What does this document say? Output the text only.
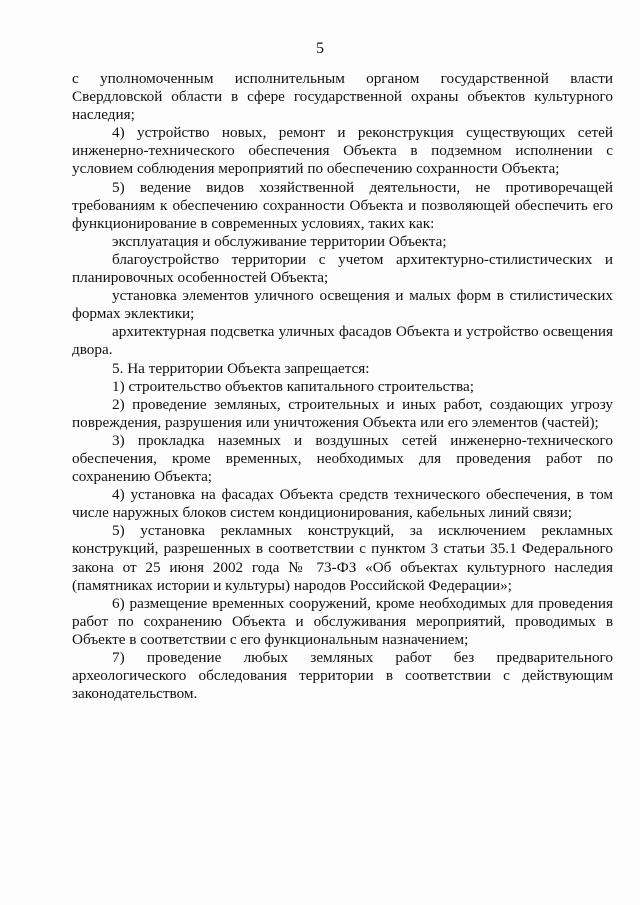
5

с уполномоченным исполнительным органом государственной власти Свердловской области в сфере государственной охраны объектов культурного наследия;

4) устройство новых, ремонт и реконструкция существующих сетей инженерно-технического обеспечения Объекта в подземном исполнении с условием соблюдения мероприятий по обеспечению сохранности Объекта;

5) ведение видов хозяйственной деятельности, не противоречащей требованиям к обеспечению сохранности Объекта и позволяющей обеспечить его функционирование в современных условиях, таких как:

эксплуатация и обслуживание территории Объекта;

благоустройство территории с учетом архитектурно-стилистических и планировочных особенностей Объекта;

установка элементов уличного освещения и малых форм в стилистических формах эклектики;

архитектурная подсветка уличных фасадов Объекта и устройство освещения двора.

5. На территории Объекта запрещается:

1) строительство объектов капитального строительства;

2) проведение земляных, строительных и иных работ, создающих угрозу повреждения, разрушения или уничтожения Объекта или его элементов (частей);

3) прокладка наземных и воздушных сетей инженерно-технического обеспечения, кроме временных, необходимых для проведения работ по сохранению Объекта;

4) установка на фасадах Объекта средств технического обеспечения, в том числе наружных блоков систем кондиционирования, кабельных линий связи;

5) установка рекламных конструкций, за исключением рекламных конструкций, разрешенных в соответствии с пунктом 3 статьи 35.1 Федерального закона от 25 июня 2002 года № 73-ФЗ «Об объектах культурного наследия (памятниках истории и культуры) народов Российской Федерации»;

6) размещение временных сооружений, кроме необходимых для проведения работ по сохранению Объекта и обслуживания мероприятий, проводимых в Объекте в соответствии с его функциональным назначением;

7) проведение любых земляных работ без предварительного археологического обследования территории в соответствии с действующим законодательством.
